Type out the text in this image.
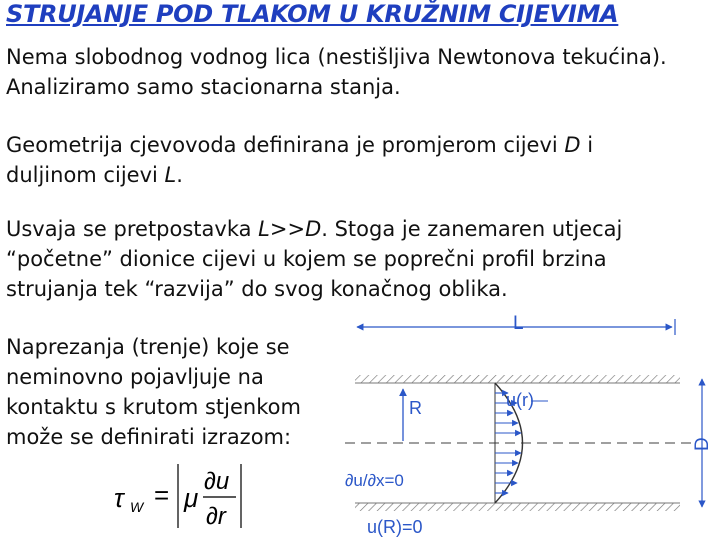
STRUJANJE POD TLAKOM U KRUŽNIM CIJEVIMA

Nema slobodnog vodnog lica (nestišljiva Newtonova tekućina).
Analiziramo samo stacionarna stanja.

Geometrija cjevovoda definirana je promjerom cijevi D i
duljinom cijevi L.

Usvaja se pretpostavka L>>D. Stoga je zanemaren utjecaj
“početne” dionice cijevi u kojem se poprečni profil brzina
strujanja tek “razvija” do svog konačnog oblika.

Naprezanja (trenje) koje se
neminovno pojavljuje na
kontaktu s krutom stjenkom
može se definirati izrazom:

τ W = μ
∂u
∂r
L
R	u(r)
∂u/∂x=0
u(R)=0
D
